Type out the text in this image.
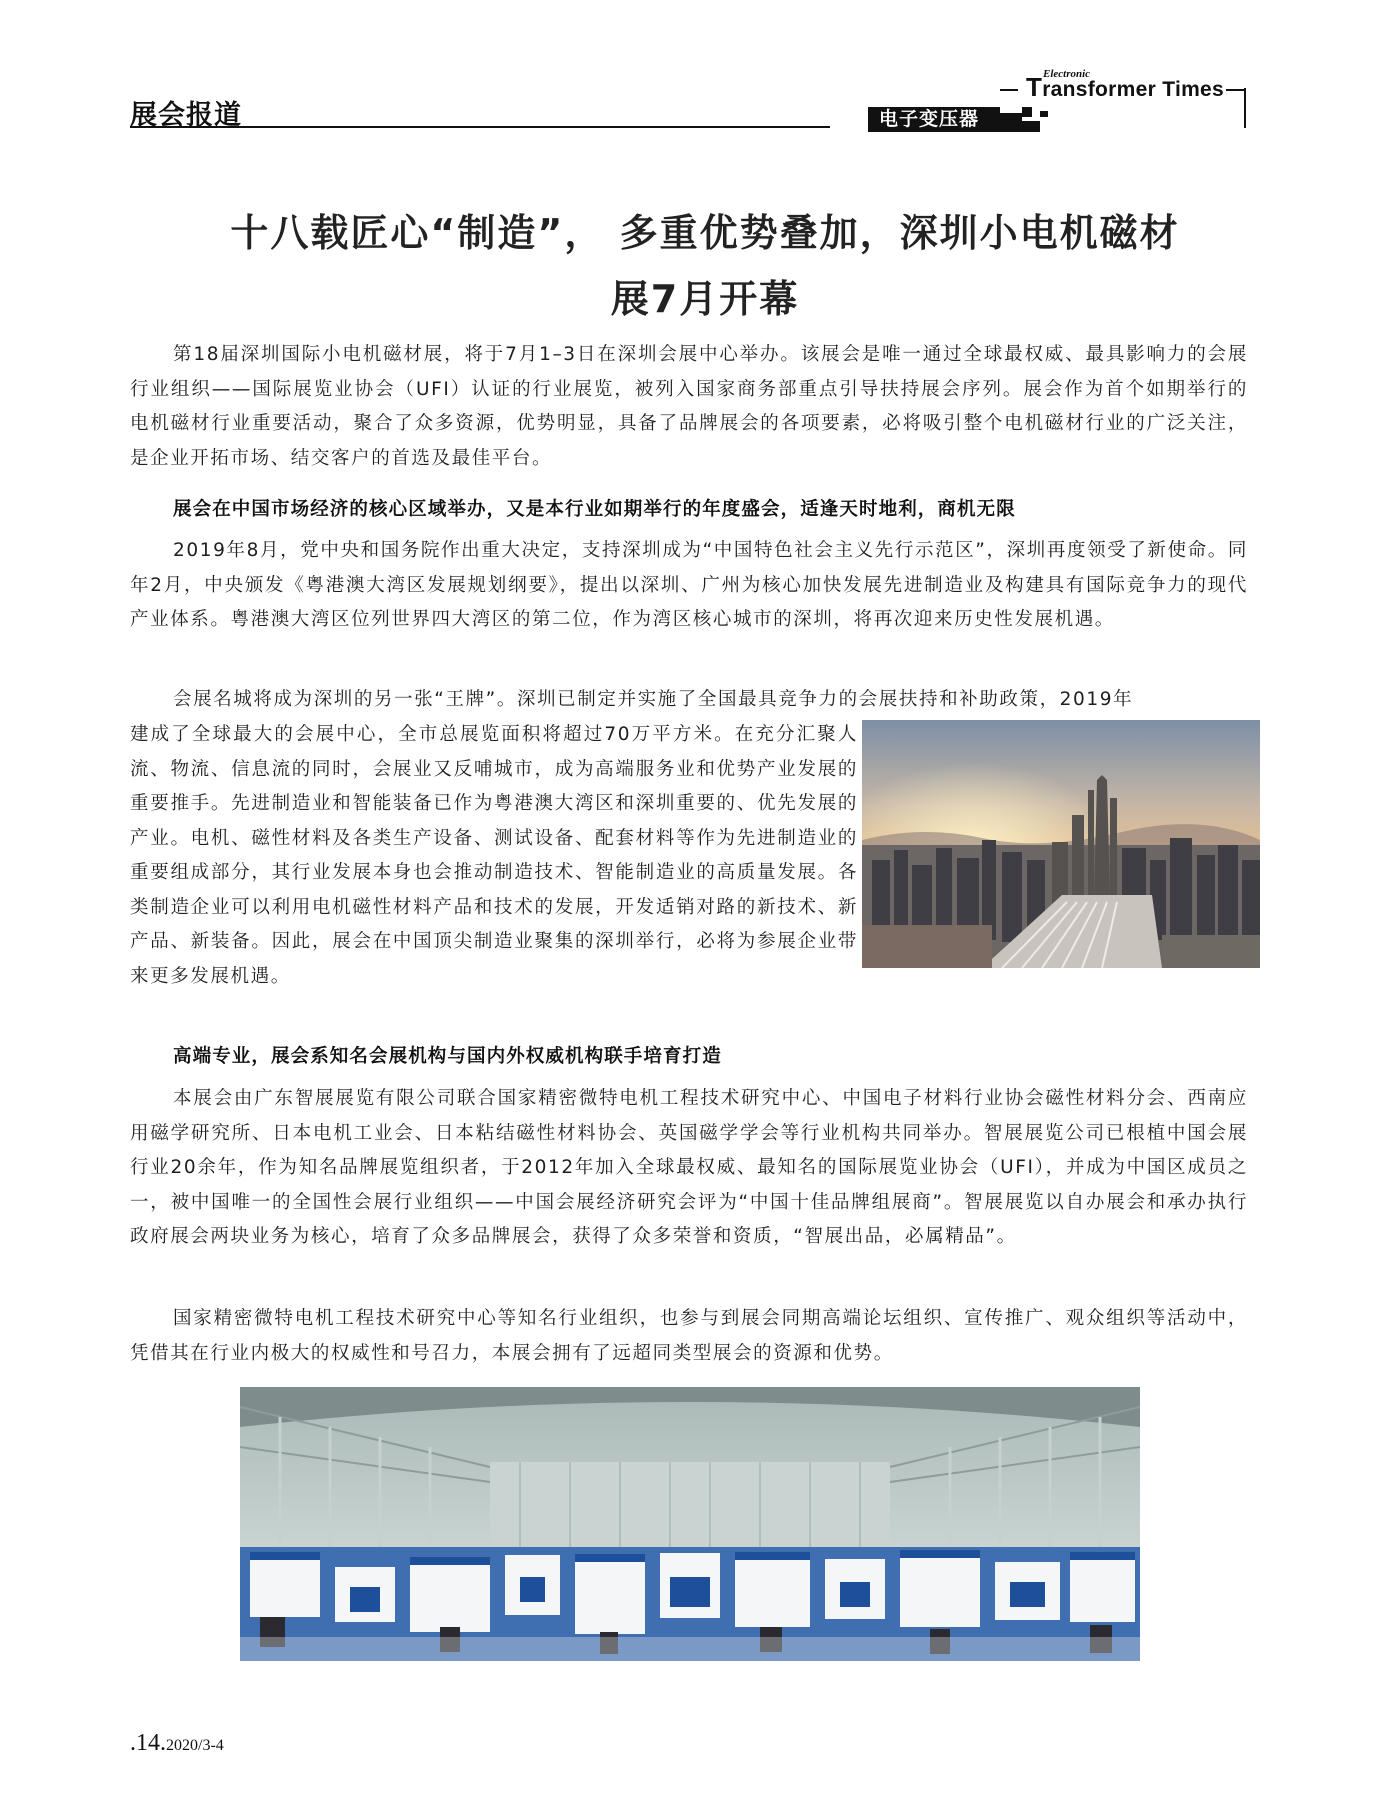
展会报道
Electronic
Transformer Times
电子变压器
十八载匠心“制造”， 多重优势叠加，深圳小电机磁材
展7月开幕
第18届深圳国际小电机磁材展，将于7月1–3日在深圳会展中心举办。该展会是唯一通过全球最权威、最具影响力的会展行业组织——国际展览业协会（UFI）认证的行业展览，被列入国家商务部重点引导扶持展会序列。展会作为首个如期举行的电机磁材行业重要活动，聚合了众多资源，优势明显，具备了品牌展会的各项要素，必将吸引整个电机磁材行业的广泛关注，是企业开拓市场、结交客户的首选及最佳平台。
展会在中国市场经济的核心区域举办，又是本行业如期举行的年度盛会，适逢天时地利，商机无限
2019年8月，党中央和国务院作出重大决定，支持深圳成为“中国特色社会主义先行示范区”，深圳再度领受了新使命。同年2月，中央颁发《粤港澳大湾区发展规划纲要》，提出以深圳、广州为核心加快发展先进制造业及构建具有国际竞争力的现代产业体系。粤港澳大湾区位列世界四大湾区的第二位，作为湾区核心城市的深圳，将再次迎来历史性发展机遇。
会展名城将成为深圳的另一张“王牌”。深圳已制定并实施了全国最具竞争力的会展扶持和补助政策，2019年
建成了全球最大的会展中心，全市总展览面积将超过70万平方米。在充分汇聚人流、物流、信息流的同时，会展业又反哺城市，成为高端服务业和优势产业发展的重要推手。先进制造业和智能装备已作为粤港澳大湾区和深圳重要的、优先发展的产业。电机、磁性材料及各类生产设备、测试设备、配套材料等作为先进制造业的重要组成部分，其行业发展本身也会推动制造技术、智能制造业的高质量发展。各类制造企业可以利用电机磁性材料产品和技术的发展，开发适销对路的新技术、新产品、新装备。因此，展会在中国顶尖制造业聚集的深圳举行，必将为参展企业带来更多发展机遇。
高端专业，展会系知名会展机构与国内外权威机构联手培育打造
本展会由广东智展展览有限公司联合国家精密微特电机工程技术研究中心、中国电子材料行业协会磁性材料分会、西南应用磁学研究所、日本电机工业会、日本粘结磁性材料协会、英国磁学学会等行业机构共同举办。智展展览公司已根植中国会展行业20余年，作为知名品牌展览组织者，于2012年加入全球最权威、最知名的国际展览业协会（UFI），并成为中国区成员之一，被中国唯一的全国性会展行业组织——中国会展经济研究会评为“中国十佳品牌组展商”。智展展览以自办展会和承办执行政府展会两块业务为核心，培育了众多品牌展会，获得了众多荣誉和资质，“智展出品，必属精品”。
国家精密微特电机工程技术研究中心等知名行业组织，也参与到展会同期高端论坛组织、宣传推广、观众组织等活动中，凭借其在行业内极大的权威性和号召力，本展会拥有了远超同类型展会的资源和优势。
.14.2020/3-4
